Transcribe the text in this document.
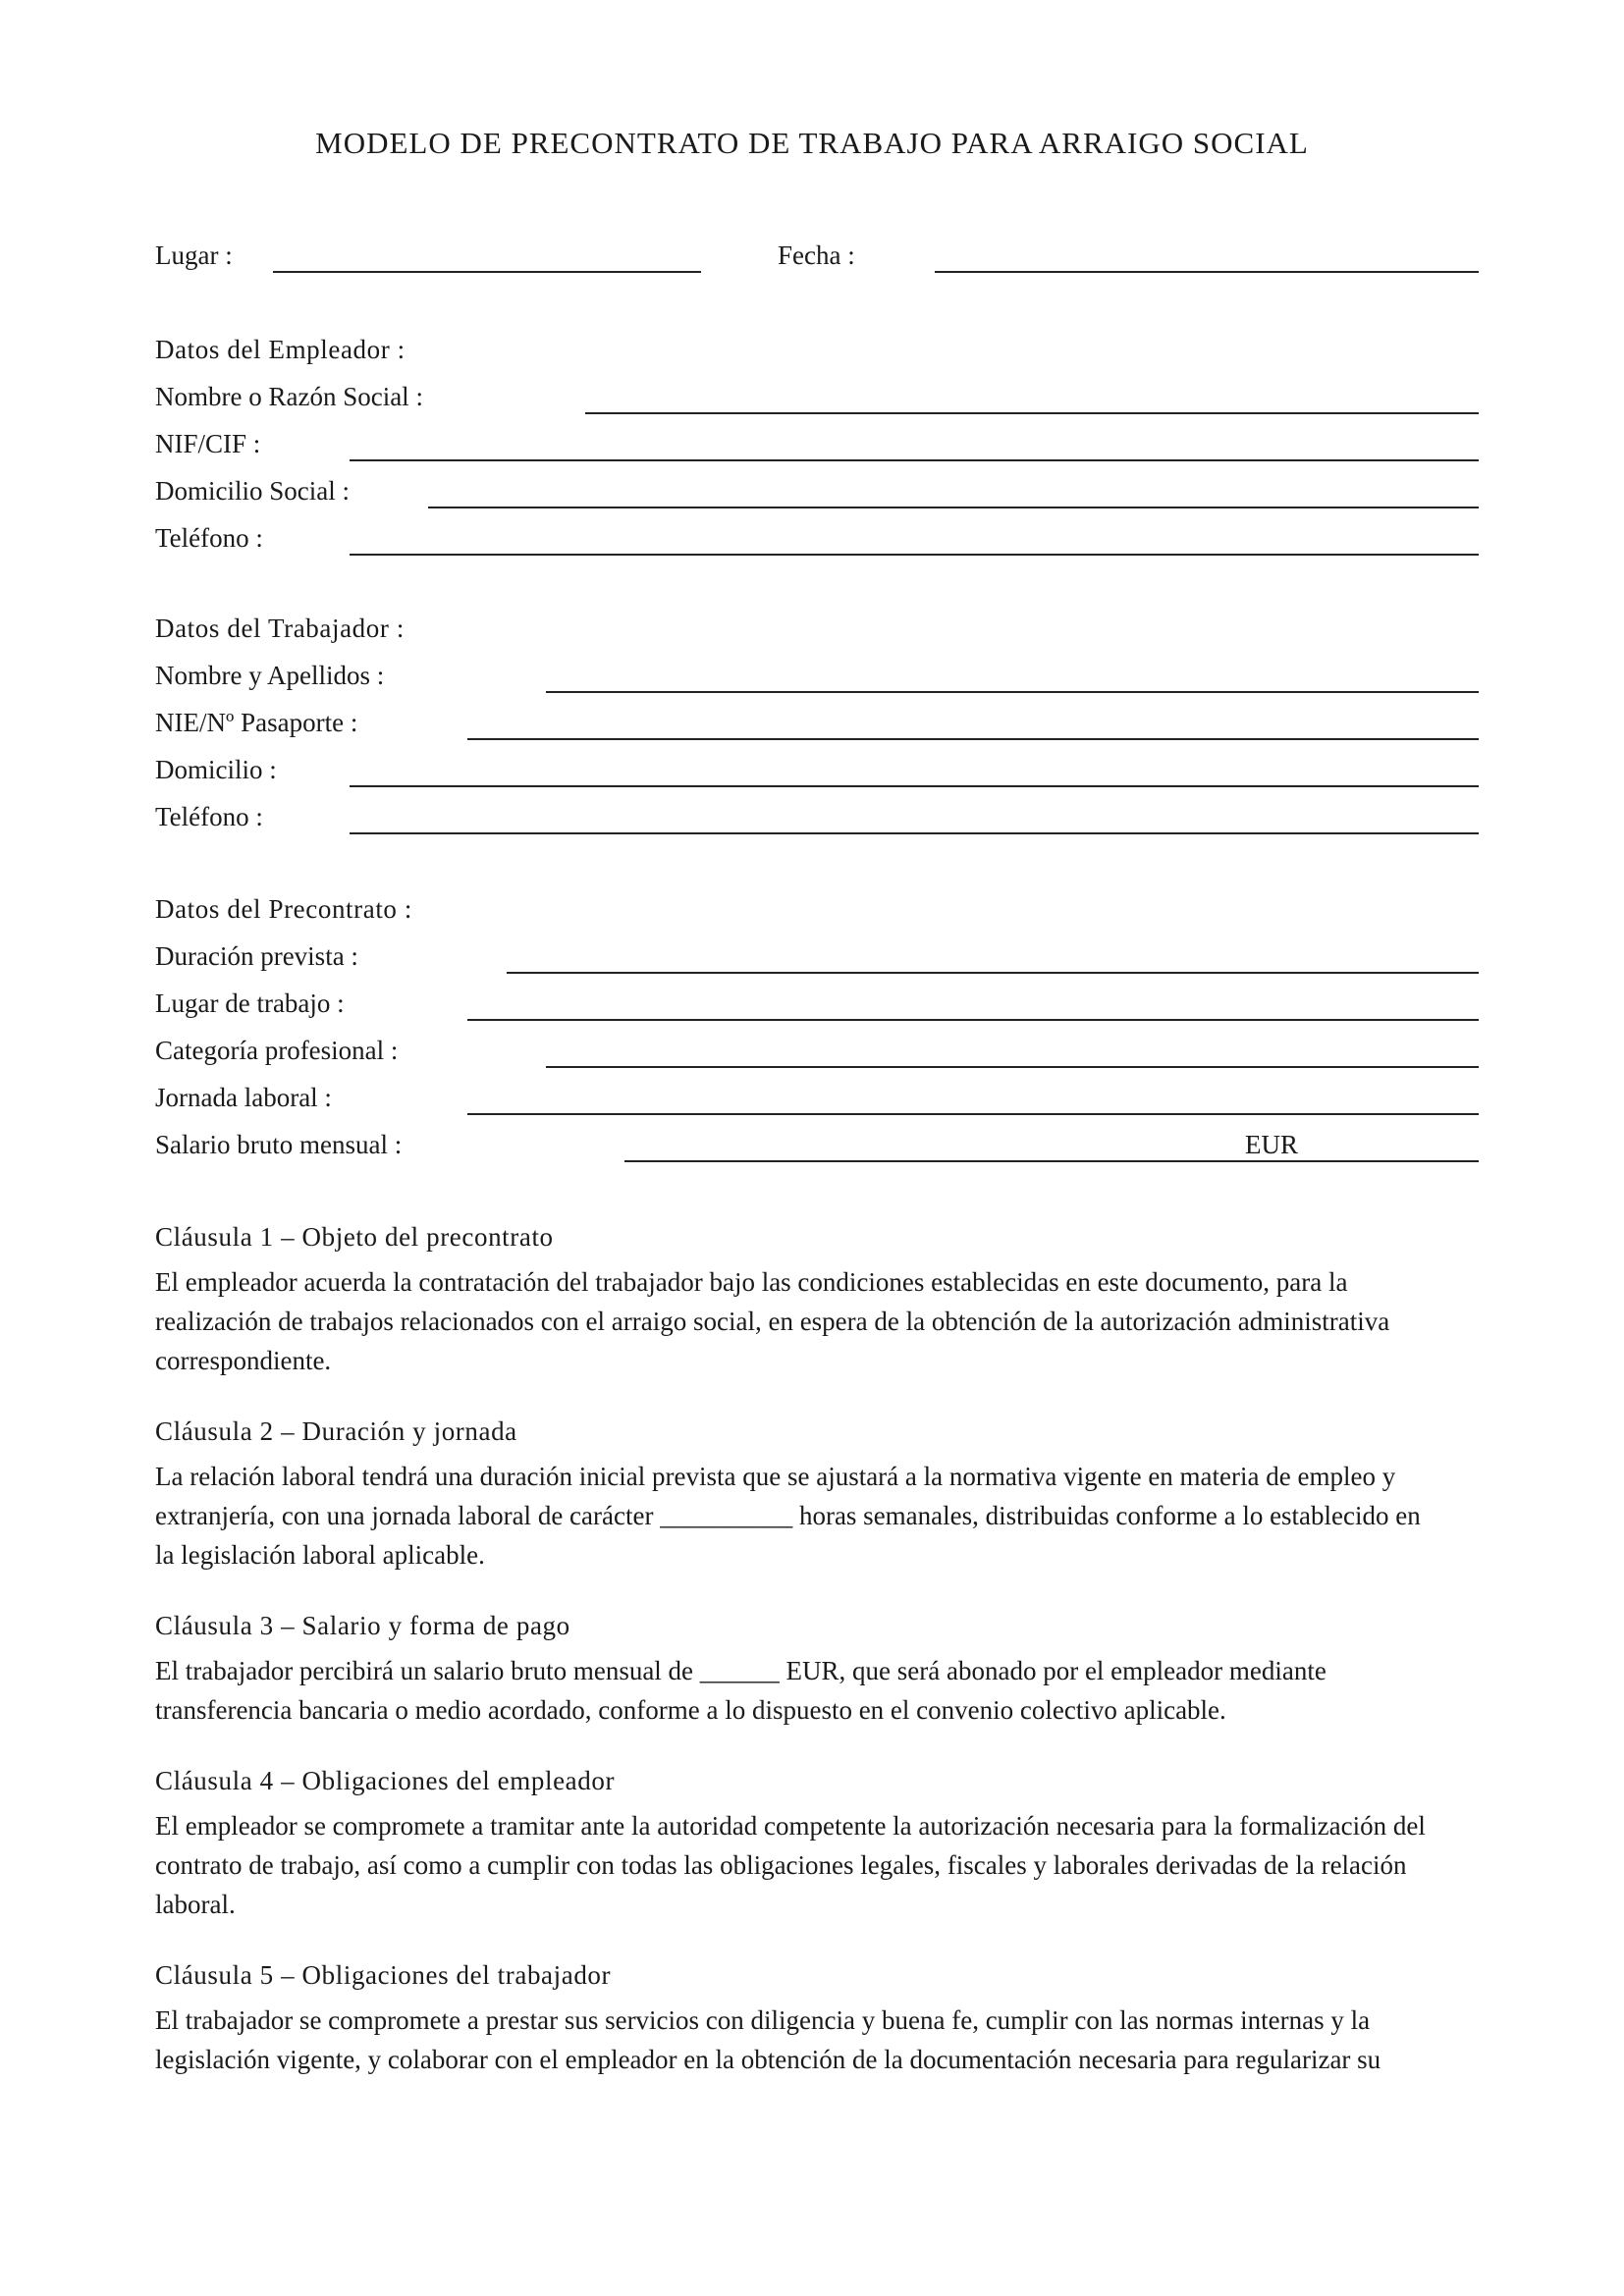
MODELO DE PRECONTRATO DE TRABAJO PARA ARRAIGO SOCIAL
Lugar :	Fecha :
Datos del Empleador :
Nombre o Razón Social :
NIF/CIF :
Domicilio Social :
Teléfono :
Datos del Trabajador :
Nombre y Apellidos :
NIE/Nº Pasaporte :
Domicilio :
Teléfono :
Datos del Precontrato :
Duración prevista :
Lugar de trabajo :
Categoría profesional :
Jornada laboral :
Salario bruto mensual :	EUR
Cláusula 1 – Objeto del precontrato
El empleador acuerda la contratación del trabajador bajo las condiciones establecidas en este documento, para la
realización de trabajos relacionados con el arraigo social, en espera de la obtención de la autorización administrativa
correspondiente.
Cláusula 2 – Duración y jornada
La relación laboral tendrá una duración inicial prevista que se ajustará a la normativa vigente en materia de empleo y
extranjería, con una jornada laboral de carácter __________ horas semanales, distribuidas conforme a lo establecido en
la legislación laboral aplicable.
Cláusula 3 – Salario y forma de pago
El trabajador percibirá un salario bruto mensual de ______ EUR, que será abonado por el empleador mediante
transferencia bancaria o medio acordado, conforme a lo dispuesto en el convenio colectivo aplicable.
Cláusula 4 – Obligaciones del empleador
El empleador se compromete a tramitar ante la autoridad competente la autorización necesaria para la formalización del
contrato de trabajo, así como a cumplir con todas las obligaciones legales, fiscales y laborales derivadas de la relación
laboral.
Cláusula 5 – Obligaciones del trabajador
El trabajador se compromete a prestar sus servicios con diligencia y buena fe, cumplir con las normas internas y la
legislación vigente, y colaborar con el empleador en la obtención de la documentación necesaria para regularizar su
